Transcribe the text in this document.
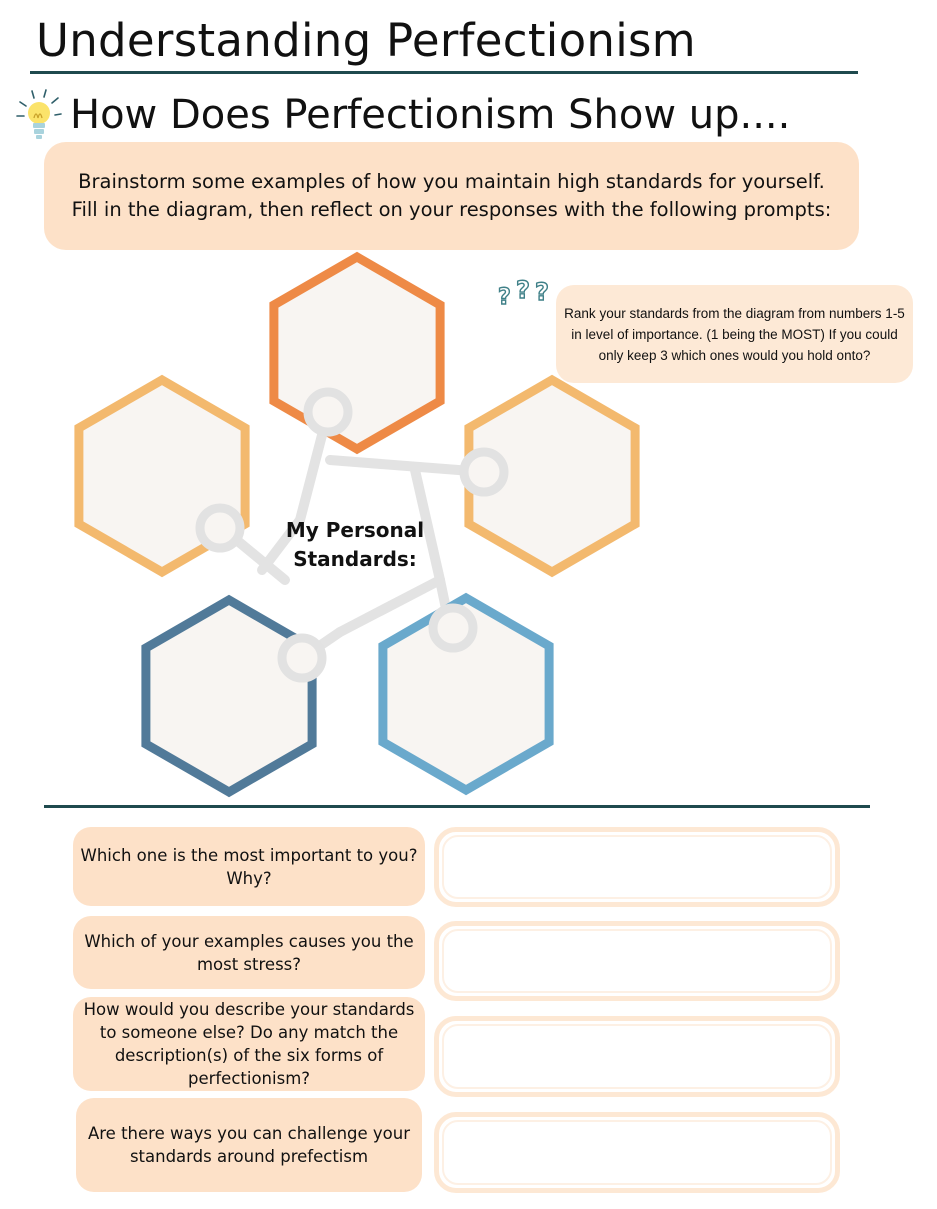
Understanding Perfectionism
How Does Perfectionism Show up....
Brainstorm some examples of how you maintain high standards for yourself.
Fill in the diagram, then reflect on your responses with the following prompts:
My Personal
Standards:
? ? ?
Rank your standards from the diagram from numbers 1-5 in level of importance. (1 being the MOST) If you could only keep 3 which ones would you hold onto?
Which one is the most important to you? Why?
Which of your examples causes you the most stress?
How would you describe your standards to someone else? Do any match the description(s) of the six forms of perfectionism?
Are there ways you can challenge your standards around prefectism
